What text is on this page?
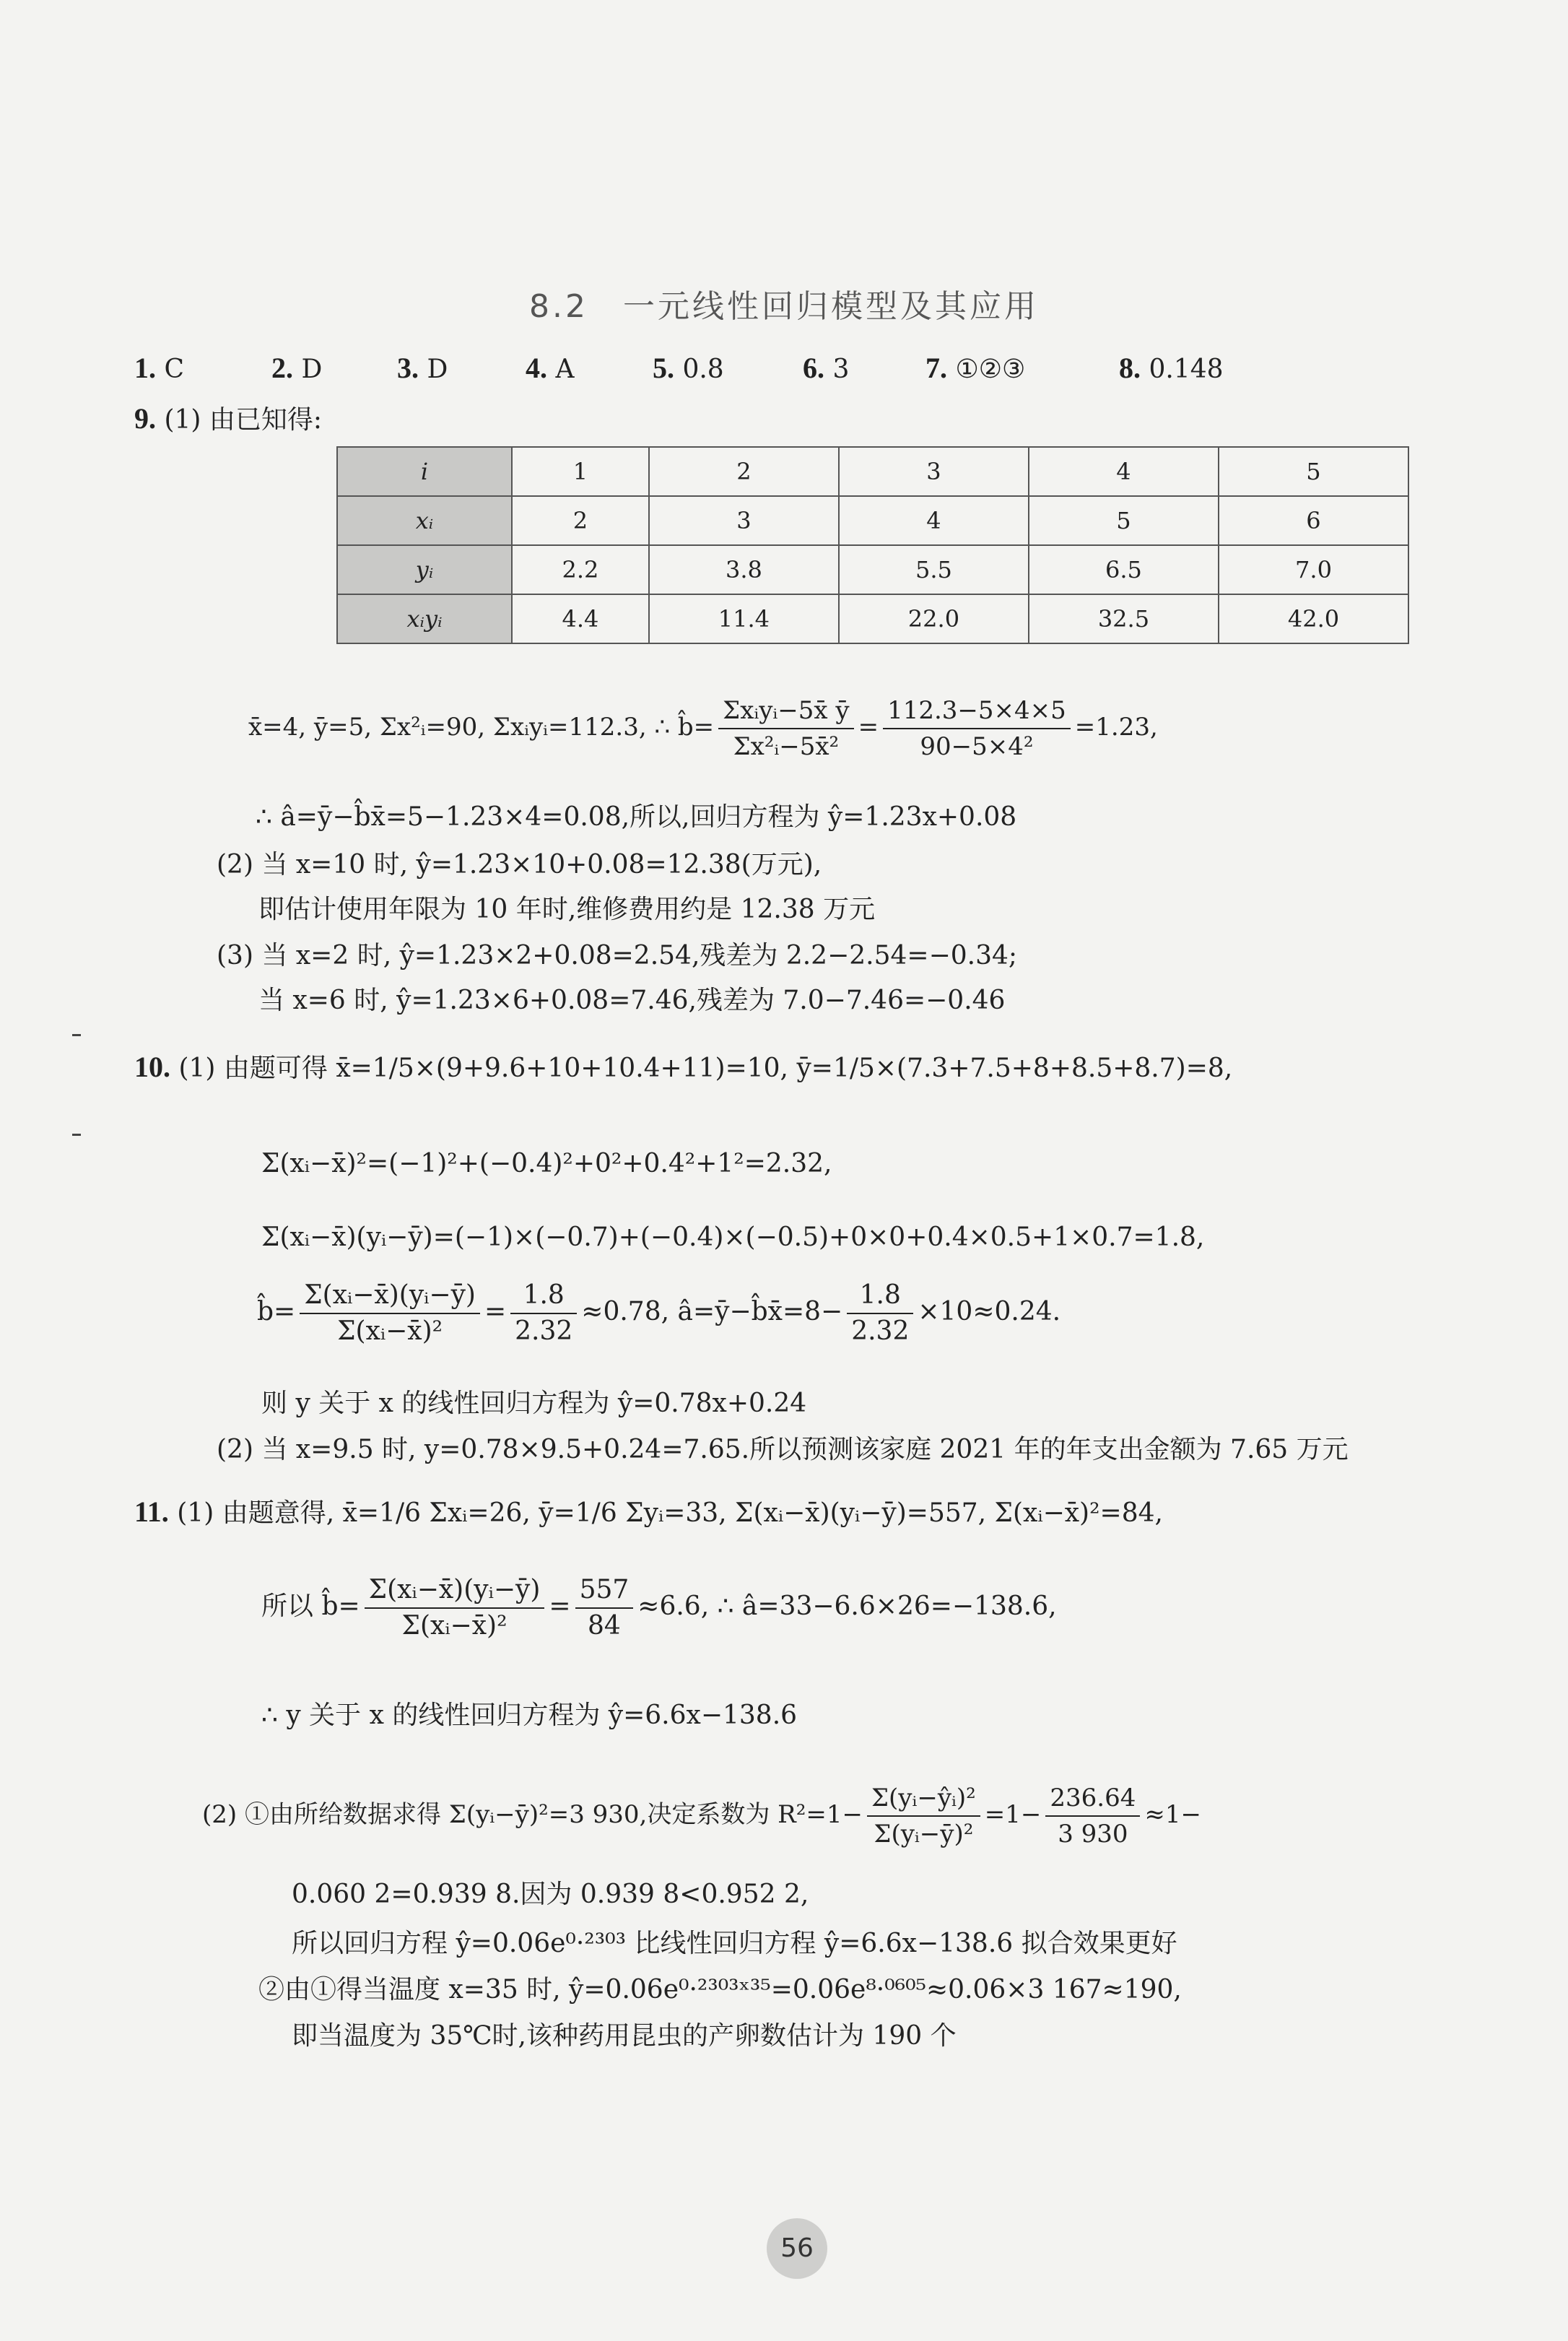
8.2　一元线性回归模型及其应用
1. C	2. D	3. D	4. A	5. 0.8	6. 3	7. ①②③	8. 0.148
9. (1) 由已知得:
i	1	2	3	4	5
xᵢ	2	3	4	5	6
yᵢ	2.2	3.8	5.5	6.5	7.0
xᵢyᵢ	4.4	11.4	22.0	32.5	42.0
x̄=4, ȳ=5, Σx²ᵢ=90, Σxᵢyᵢ=112.3, ∴ b̂= $\frac{\text{Σxᵢyᵢ−5x̄ ȳ}}{\text{Σx²ᵢ−5x̄²}} = \frac{112.3-5\times 4\times 5}{\text{90−5×4²}} =1.23$,
∴ â=ȳ−b̂x̄=5−1.23×4=0.08,所以,回归方程为 ŷ=1.23x+0.08
(2) 当 x=10 时, ŷ=1.23×10+0.08=12.38(万元),
即估计使用年限为 10 年时,维修费用约是 12.38 万元
(3) 当 x=2 时, ŷ=1.23×2+0.08=2.54,残差为 2.2−2.54=−0.34;
当 x=6 时, ŷ=1.23×6+0.08=7.46,残差为 7.0−7.46=−0.46
10. (1) 由题可得 x̄=1/5×(9+9.6+10+10.4+11)=10, ȳ=1/5×(7.3+7.5+8+8.5+8.7)=8,
Σ(xᵢ−x̄)²=(−1)²+(−0.4)²+0²+0.4²+1²=2.32,
Σ(xᵢ−x̄)(yᵢ−ȳ)=(−1)×(−0.7)+(−0.4)×(−0.5)+0×0+0.4×0.5+1×0.7=1.8,
b̂= $\frac{\text{Σ(xᵢ−x̄)(yᵢ−ȳ)}}{\text{Σ(xᵢ−x̄)²}} = \frac{1.8}{2.32} \approx 0.78$, â=ȳ−b̂x̄=8− $\frac{1.8}{2.32} \times 10\approx 0.24$.
则 y 关于 x 的线性回归方程为 ŷ=0.78x+0.24
(2) 当 x=9.5 时, y=0.78×9.5+0.24=7.65.所以预测该家庭 2021 年的年支出金额为 7.65 万元
11. (1) 由题意得, x̄=1/6 Σxᵢ=26, ȳ=1/6 Σyᵢ=33, Σ(xᵢ−x̄)(yᵢ−ȳ)=557, Σ(xᵢ−x̄)²=84,
所以 b̂= $\frac{\text{Σ(xᵢ−x̄)(yᵢ−ȳ)}}{\text{Σ(xᵢ−x̄)²}} = \frac{557}{84} \approx 6.6$, ∴ â=33−6.6×26=−138.6,
∴ y 关于 x 的线性回归方程为 ŷ=6.6x−138.6
(2) ①由所给数据求得 Σ(yᵢ−ȳ)²=3 930,决定系数为 $R^2=1- \frac{\text{Σ(yᵢ−ŷᵢ)²}}{\text{Σ(yᵢ−ȳ)²}} =1- \frac{236.64}{3 930} \approx 1-$
0.060 2=0.939 8.因为 0.939 8<0.952 2,
所以回归方程 ŷ=0.06e⁰·²³⁰³ 比线性回归方程 ŷ=6.6x−138.6 拟合效果更好
②由①得当温度 x=35 时, ŷ=0.06e⁰·²³⁰³ˣ³⁵=0.06e⁸·⁰⁶⁰⁵≈0.06×3 167≈190,
即当温度为 35℃时,该种药用昆虫的产卵数估计为 190 个
56
